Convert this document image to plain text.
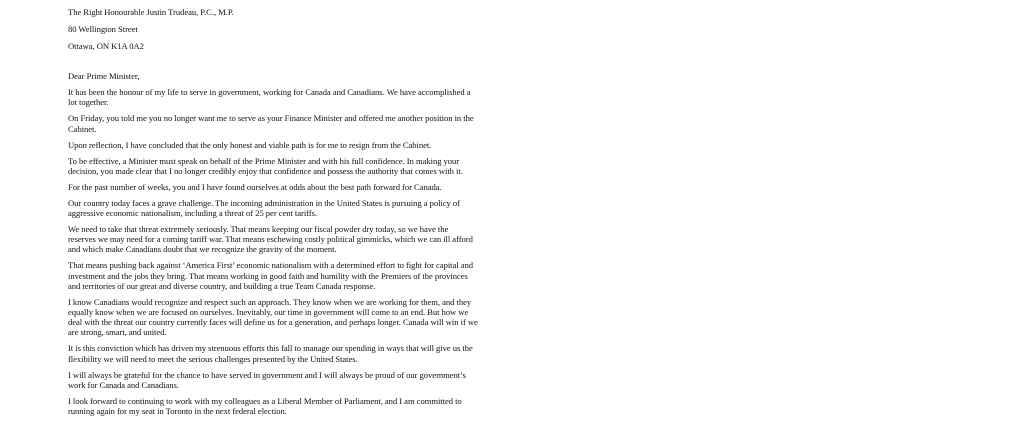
The Right Honourable Justin Trudeau, P.C., M.P.
80 Wellington Street
Ottawa, ON K1A 0A2
Dear Prime Minister,

It has been the honour of my life to serve in government, working for Canada and Canadians. We have accomplished a lot together.

On Friday, you told me you no longer want me to serve as your Finance Minister and offered me another position in the Cabinet.

Upon reflection, I have concluded that the only honest and viable path is for me to resign from the Cabinet.

To be effective, a Minister must speak on behalf of the Prime Minister and with his full confidence. In making your decision, you made clear that I no longer credibly enjoy that confidence and possess the authority that comes with it.

For the past number of weeks, you and I have found ourselves at odds about the best path forward for Canada.

Our country today faces a grave challenge. The incoming administration in the United States is pursuing a policy of aggressive economic nationalism, including a threat of 25 per cent tariffs.

We need to take that threat extremely seriously. That means keeping our fiscal powder dry today, so we have the reserves we may need for a coming tariff war. That means eschewing costly political gimmicks, which we can ill afford and which make Canadians doubt that we recognize the gravity of the moment.

That means pushing back against ‘America First’ economic nationalism with a determined effort to fight for capital and investment and the jobs they bring. That means working in good faith and humility with the Premiers of the provinces and territories of our great and diverse country, and building a true Team Canada response.

I know Canadians would recognize and respect such an approach. They know when we are working for them, and they equally know when we are focused on ourselves. Inevitably, our time in government will come to an end. But how we deal with the threat our country currently faces will define us for a generation, and perhaps longer. Canada will win if we are strong, smart, and united.

It is this conviction which has driven my strenuous efforts this fall to manage our spending in ways that will give us the flexibility we will need to meet the serious challenges presented by the United States.

I will always be grateful for the chance to have served in government and I will always be proud of our government’s work for Canada and Canadians.

I look forward to continuing to work with my colleagues as a Liberal Member of Parliament, and I am committed to running again for my seat in Toronto in the next federal election.
